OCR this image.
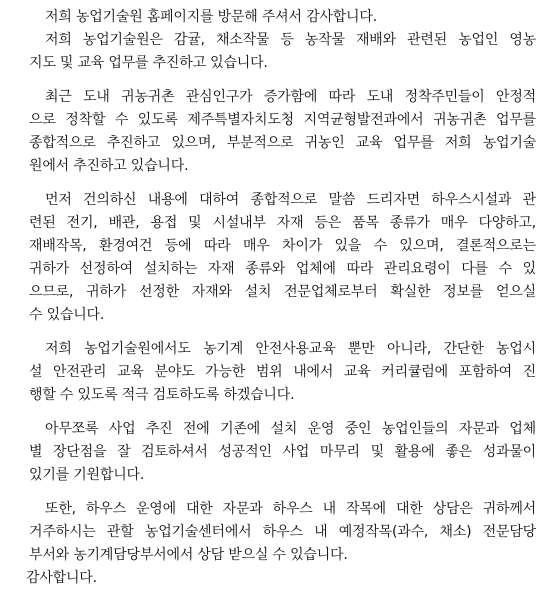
저희 농업기술원 홈페이지를 방문해 주셔서 감사합니다.
저희 농업기술원은 감귤, 채소작물 등 농작물 재배와 관련된 농업인 영농
지도 및 교육 업무를 추진하고 있습니다.
최근 도내 귀농귀촌 관심인구가 증가함에 따라 도내 정착주민들이 안정적
으로 정착할 수 있도록 제주특별자치도청 지역균형발전과에서 귀농귀촌 업무를
종합적으로 추진하고 있으며, 부분적으로 귀농인 교육 업무를 저희 농업기술
원에서 추진하고 있습니다.
먼저 건의하신 내용에 대하여 종합적으로 말씀 드리자면 하우스시설과 관
련된 전기, 배관, 용접 및 시설내부 자재 등은 품목 종류가 매우 다양하고,
재배작목, 환경여건 등에 따라 매우 차이가 있을 수 있으며, 결론적으로는
귀하가 선정하여 설치하는 자재 종류와 업체에 따라 관리요령이 다를 수 있
으므로, 귀하가 선정한 자재와 설치 전문업체로부터 확실한 정보를 얻으실
수 있습니다.
저희 농업기술원에서도 농기계 안전사용교육 뿐만 아니라, 간단한 농업시
설 안전관리 교육 분야도 가능한 범위 내에서 교육 커리큘럼에 포함하여 진
행할 수 있도록 적극 검토하도록 하겠습니다.
아무쪼록 사업 추진 전에 기존에 설치 운영 중인 농업인들의 자문과 업체
별 장단점을 잘 검토하셔서 성공적인 사업 마무리 및 활용에 좋은 성과물이
있기를 기원합니다.
또한, 하우스 운영에 대한 자문과 하우스 내 작목에 대한 상담은 귀하께서
거주하시는 관할 농업기술센터에서 하우스 내 예정작목(과수, 채소) 전문담당
부서와 농기계담당부서에서 상담 받으실 수 있습니다.
감사합니다.
